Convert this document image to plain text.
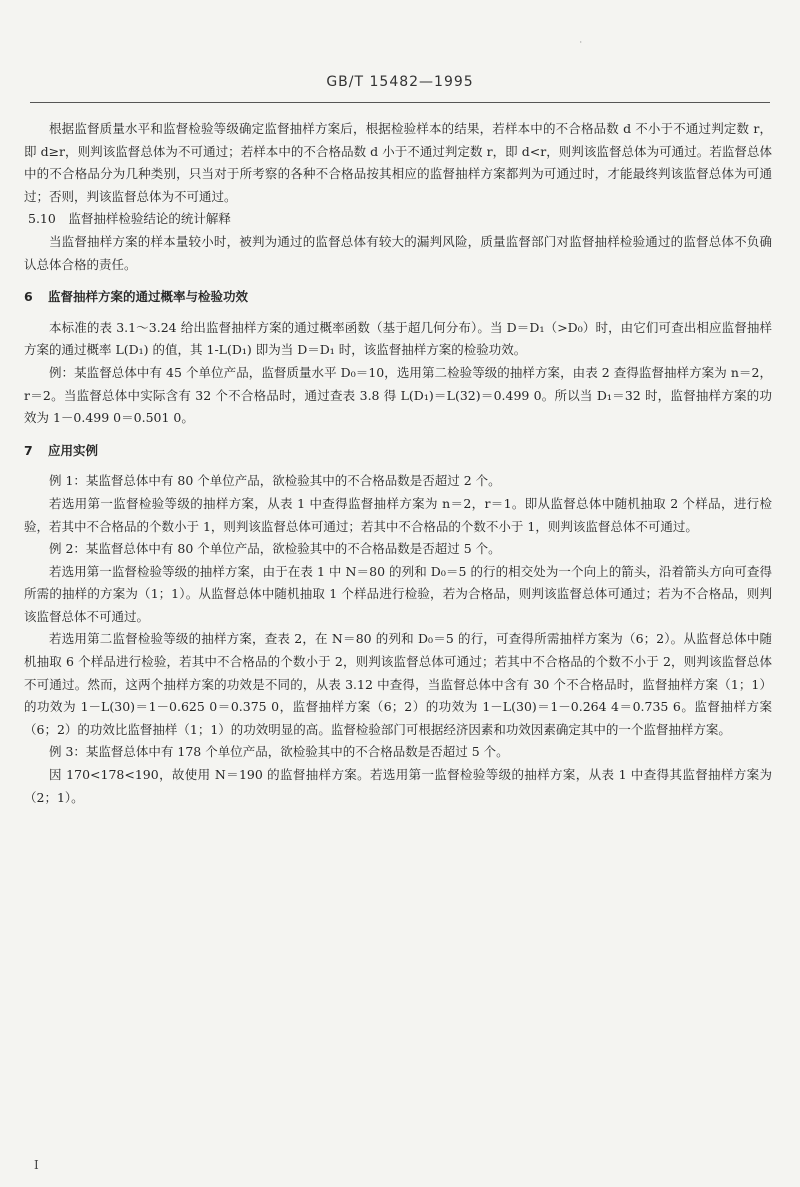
·
GB/T 15482—1995

根据监督质量水平和监督检验等级确定监督抽样方案后，根据检验样本的结果，若样本中的不合格品数 d 不小于不通过判定数 r，即 d≥r，则判该监督总体为不可通过；若样本中的不合格品数 d 小于不通过判定数 r，即 d<r，则判该监督总体为可通过。若监督总体中的不合格品分为几种类别，只当对于所考察的各种不合格品按其相应的监督抽样方案都判为可通过时，才能最终判该监督总体为可通过；否则，判该监督总体为不可通过。

5.10　监督抽样检验结论的统计解释

当监督抽样方案的样本量较小时，被判为通过的监督总体有较大的漏判风险，质量监督部门对监督抽样检验通过的监督总体不负确认总体合格的责任。

6 监督抽样方案的通过概率与检验功效

本标准的表 3.1～3.24 给出监督抽样方案的通过概率函数（基于超几何分布）。当 D＝D₁（>D₀）时，由它们可查出相应监督抽样方案的通过概率 L(D₁) 的值，其 1-L(D₁) 即为当 D＝D₁ 时，该监督抽样方案的检验功效。

例：某监督总体中有 45 个单位产品，监督质量水平 D₀＝10，选用第二检验等级的抽样方案，由表 2 查得监督抽样方案为 n＝2，r＝2。当监督总体中实际含有 32 个不合格品时，通过查表 3.8 得 L(D₁)＝L(32)＝0.499 0。所以当 D₁＝32 时，监督抽样方案的功效为 1－0.499 0＝0.501 0。

7 应用实例

例 1：某监督总体中有 80 个单位产品，欲检验其中的不合格品数是否超过 2 个。

若选用第一监督检验等级的抽样方案，从表 1 中查得监督抽样方案为 n＝2，r＝1。即从监督总体中随机抽取 2 个样品，进行检验，若其中不合格品的个数小于 1，则判该监督总体可通过；若其中不合格品的个数不小于 1，则判该监督总体不可通过。

例 2：某监督总体中有 80 个单位产品，欲检验其中的不合格品数是否超过 5 个。

若选用第一监督检验等级的抽样方案，由于在表 1 中 N＝80 的列和 D₀＝5 的行的相交处为一个向上的箭头，沿着箭头方向可查得所需的抽样的方案为（1；1）。从监督总体中随机抽取 1 个样品进行检验，若为合格品，则判该监督总体可通过；若为不合格品，则判该监督总体不可通过。

若选用第二监督检验等级的抽样方案，查表 2，在 N＝80 的列和 D₀＝5 的行，可查得所需抽样方案为（6；2）。从监督总体中随机抽取 6 个样品进行检验，若其中不合格品的个数小于 2，则判该监督总体可通过；若其中不合格品的个数不小于 2，则判该监督总体不可通过。然而，这两个抽样方案的功效是不同的，从表 3.12 中查得，当监督总体中含有 30 个不合格品时，监督抽样方案（1；1）的功效为 1－L(30)＝1－0.625 0＝0.375 0，监督抽样方案（6；2）的功效为 1－L(30)＝1－0.264 4＝0.735 6。监督抽样方案（6；2）的功效比监督抽样（1；1）的功效明显的高。监督检验部门可根据经济因素和功效因素确定其中的一个监督抽样方案。

例 3：某监督总体中有 178 个单位产品，欲检验其中的不合格品数是否超过 5 个。

因 170<178<190，故使用 N＝190 的监督抽样方案。若选用第一监督检验等级的抽样方案，从表 1 中查得其监督抽样方案为（2；1）。

I
